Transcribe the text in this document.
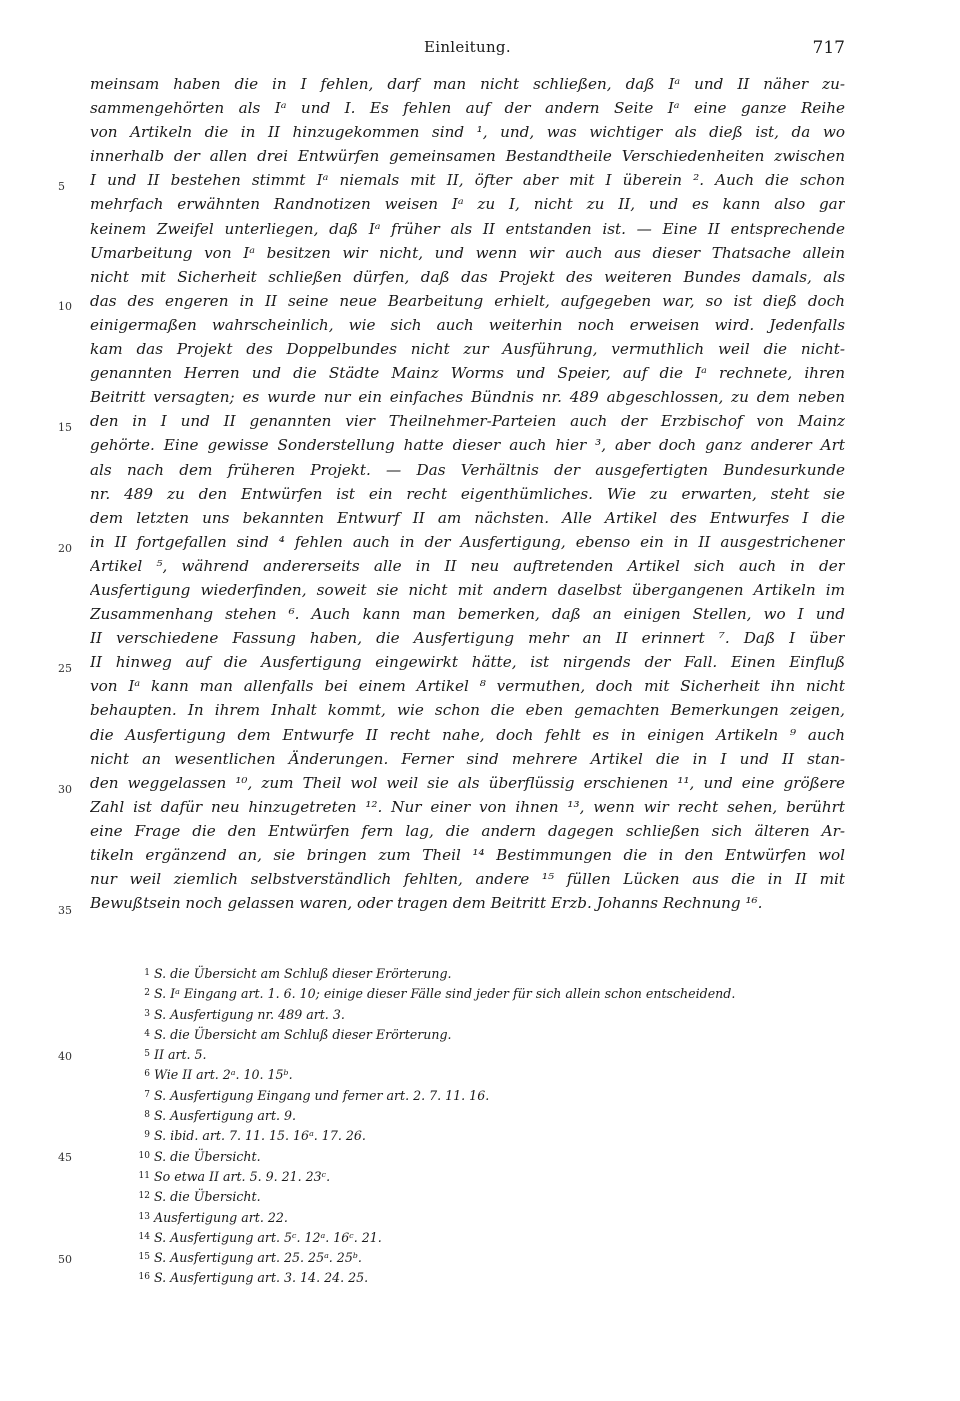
Einleitung.	717
meinsam haben die in I fehlen, darf man nicht schließen, daß Iᵃ und II näher zu-
sammengehörten als Iᵃ und I. Es fehlen auf der andern Seite Iᵃ eine ganze Reihe
von Artikeln die in II hinzugekommen sind ¹, und, was wichtiger als dieß ist, da wo
innerhalb der allen drei Entwürfen gemeinsamen Bestandtheile Verschiedenheiten zwischen
I und II bestehen stimmt Iᵃ niemals mit II, öfter aber mit I überein ². Auch die schon
mehrfach erwähnten Randnotizen weisen Iᵃ zu I, nicht zu II, und es kann also gar
keinem Zweifel unterliegen, daß Iᵃ früher als II entstanden ist. — Eine II entsprechende
Umarbeitung von Iᵃ besitzen wir nicht, und wenn wir auch aus dieser Thatsache allein
nicht mit Sicherheit schließen dürfen, daß das Projekt des weiteren Bundes damals, als
das des engeren in II seine neue Bearbeitung erhielt, aufgegeben war, so ist dieß doch
einigermaßen wahrscheinlich, wie sich auch weiterhin noch erweisen wird. Jedenfalls
kam das Projekt des Doppelbundes nicht zur Ausführung, vermuthlich weil die nicht-
genannten Herren und die Städte Mainz Worms und Speier, auf die Iᵃ rechnete, ihren
Beitritt versagten; es wurde nur ein einfaches Bündnis nr. 489 abgeschlossen, zu dem neben
den in I und II genannten vier Theilnehmer-Parteien auch der Erzbischof von Mainz
gehörte. Eine gewisse Sonderstellung hatte dieser auch hier ³, aber doch ganz anderer Art
als nach dem früheren Projekt. — Das Verhältnis der ausgefertigten Bundesurkunde
nr. 489 zu den Entwürfen ist ein recht eigenthümliches. Wie zu erwarten, steht sie
dem letzten uns bekannten Entwurf II am nächsten. Alle Artikel des Entwurfes I die
in II fortgefallen sind ⁴ fehlen auch in der Ausfertigung, ebenso ein in II ausgestrichener
Artikel ⁵, während andererseits alle in II neu auftretenden Artikel sich auch in der
Ausfertigung wiederfinden, soweit sie nicht mit andern daselbst übergangenen Artikeln im
Zusammenhang stehen ⁶. Auch kann man bemerken, daß an einigen Stellen, wo I und
II verschiedene Fassung haben, die Ausfertigung mehr an II erinnert ⁷. Daß I über
II hinweg auf die Ausfertigung eingewirkt hätte, ist nirgends der Fall. Einen Einfluß
von Iᵃ kann man allenfalls bei einem Artikel ⁸ vermuthen, doch mit Sicherheit ihn nicht
behaupten. In ihrem Inhalt kommt, wie schon die eben gemachten Bemerkungen zeigen,
die Ausfertigung dem Entwurfe II recht nahe, doch fehlt es in einigen Artikeln ⁹ auch
nicht an wesentlichen Änderungen. Ferner sind mehrere Artikel die in I und II stan-
den weggelassen ¹⁰, zum Theil wol weil sie als überflüssig erschienen ¹¹, und eine größere
Zahl ist dafür neu hinzugetreten ¹². Nur einer von ihnen ¹³, wenn wir recht sehen, berührt
eine Frage die den Entwürfen fern lag, die andern dagegen schließen sich älteren Ar-
tikeln ergänzend an, sie bringen zum Theil ¹⁴ Bestimmungen die in den Entwürfen wol
nur weil ziemlich selbstverständlich fehlten, andere ¹⁵ füllen Lücken aus die in II mit
Bewußtsein noch gelassen waren, oder tragen dem Beitritt Erzb. Johanns Rechnung ¹⁶.
5
10
15
20
25
30
35
40
45
50
1 S. die Übersicht am Schluß dieser Erörterung.
2 S. Iᵃ Eingang art. 1. 6. 10; einige dieser Fälle sind jeder für sich allein schon entscheidend.
3 S. Ausfertigung nr. 489 art. 3.
4 S. die Übersicht am Schluß dieser Erörterung.
5 II art. 5.
6 Wie II art. 2ᵃ. 10. 15ᵇ.
7 S. Ausfertigung Eingang und ferner art. 2. 7. 11. 16.
8 S. Ausfertigung art. 9.
9 S. ibid. art. 7. 11. 15. 16ᵃ. 17. 26.
10 S. die Übersicht.
11 So etwa II art. 5. 9. 21. 23ᶜ.
12 S. die Übersicht.
13 Ausfertigung art. 22.
14 S. Ausfertigung art. 5ᶜ. 12ᵃ. 16ᶜ. 21.
15 S. Ausfertigung art. 25. 25ᵃ. 25ᵇ.
16 S. Ausfertigung art. 3. 14. 24. 25.
